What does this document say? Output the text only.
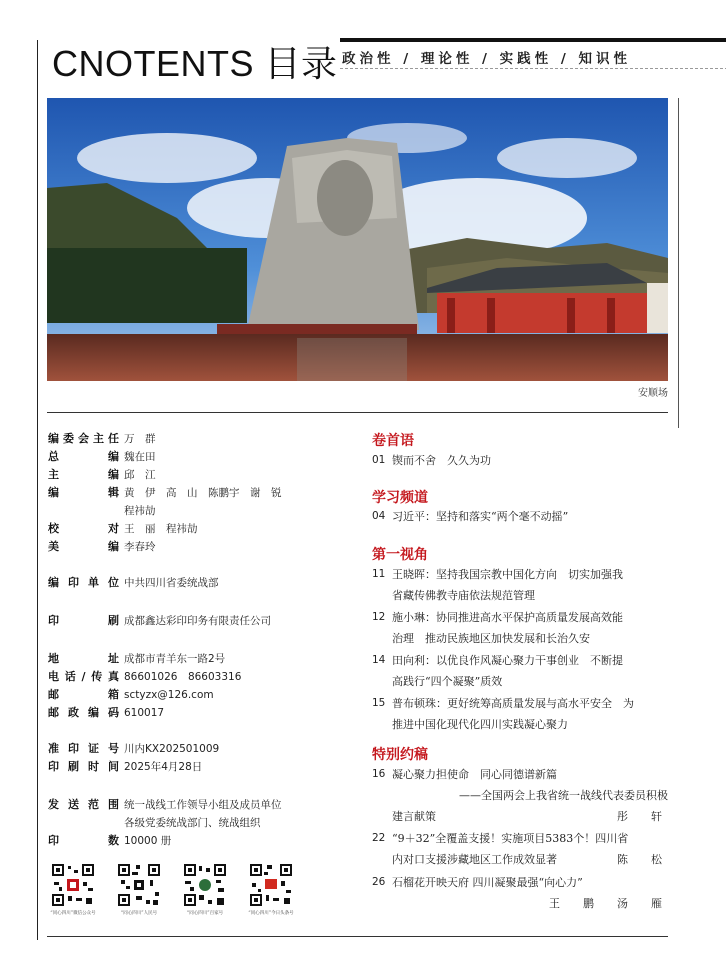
CNOTENTS 目录 政治性 / 理论性 / 实践性 / 知识性
安顺场
编委会主任 万　群
总　　编 魏在田
主　　编 邱　江
编　　辑 黄　伊　高　山　陈鹏宇　谢　锐
程祎劼
校　　对 王　丽　程祎劼
美　　编 李春玲
编印单位 中共四川省委统战部
印　　刷 成都鑫达彩印印务有限责任公司
地　　址 成都市青羊东一路2号
电话/传真 86601026　86603316
邮　　箱 sctyzx@126.com
邮政编码 610017
准印证号 川内KX202501009
印刷时间 2025年4月28日
发送范围 统一战线工作领导小组及成员单位
各级党委统战部门、统战组织
印　　数 10000 册
“同心四川”微信公众号	“同心四川”人民号	“同心四川”百家号	“同心四川”今日头条号
卷首语
01 锲而不舍　久久为功
学习频道
04 习近平：坚持和落实“两个毫不动摇”
第一视角
11 王晓晖：坚持我国宗教中国化方向　切实加强我
省藏传佛教寺庙依法规范管理
12 施小琳：协同推进高水平保护高质量发展高效能
治理　推动民族地区加快发展和长治久安
14 田向利：以优良作风凝心聚力干事创业　不断提
高践行“四个凝聚”质效
15 普布顿珠：更好统筹高质量发展与高水平安全　为
推进中国化现代化四川实践凝心聚力
特别约稿
16 凝心聚力担使命　同心同德谱新篇
——全国两会上我省统一战线代表委员积极
建言献策	彤　轩
22 “9＋32”全覆盖支援！实施项目5383个！四川省
内对口支援涉藏地区工作成效显著	陈　松
26 石榴花开映天府 四川凝聚最强“向心力”
王　鹏　汤　雁
